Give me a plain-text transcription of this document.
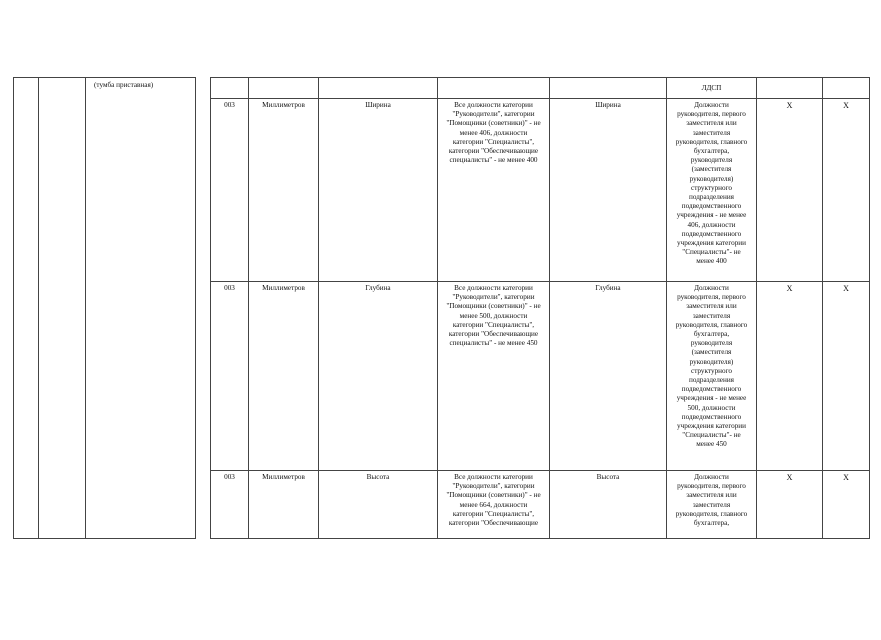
		(тумба приставная)							ЛДСП		
				003	Миллиметров	Ширина	Все должности категории "Руководители", категории "Помощники (советники)" - не менее 406, должности категории "Специалисты", категории "Обеспечивающие специалисты" - не менее 400	Ширина	Должности руководителя, первого заместителя или заместителя руководителя, главного бухгалтера, руководителя (заместителя руководителя) структурного подразделения подведомственного учреждения - не менее 406, должности подведомственного учреждения категории "Специалисты"- не менее 400	X	X
				003	Миллиметров	Глубина	Все должности категории "Руководители", категории "Помощники (советники)" - не менее 500, должности категории "Специалисты", категории "Обеспечивающие специалисты" - не менее 450	Глубина	Должности руководителя, первого заместителя или заместителя руководителя, главного бухгалтера, руководителя (заместителя руководителя) структурного подразделения подведомственного учреждения - не менее 500, должности подведомственного учреждения категории "Специалисты"- не менее 450	X	X

				003	Миллиметров	Высота	Все должности категории "Руководители", категории "Помощники (советники)" - не менее 664, должности категории "Специалисты", категории "Обеспечивающие	Высота	Должности руководителя, первого заместителя или заместителя руководителя, главного бухгалтера,	X	X
